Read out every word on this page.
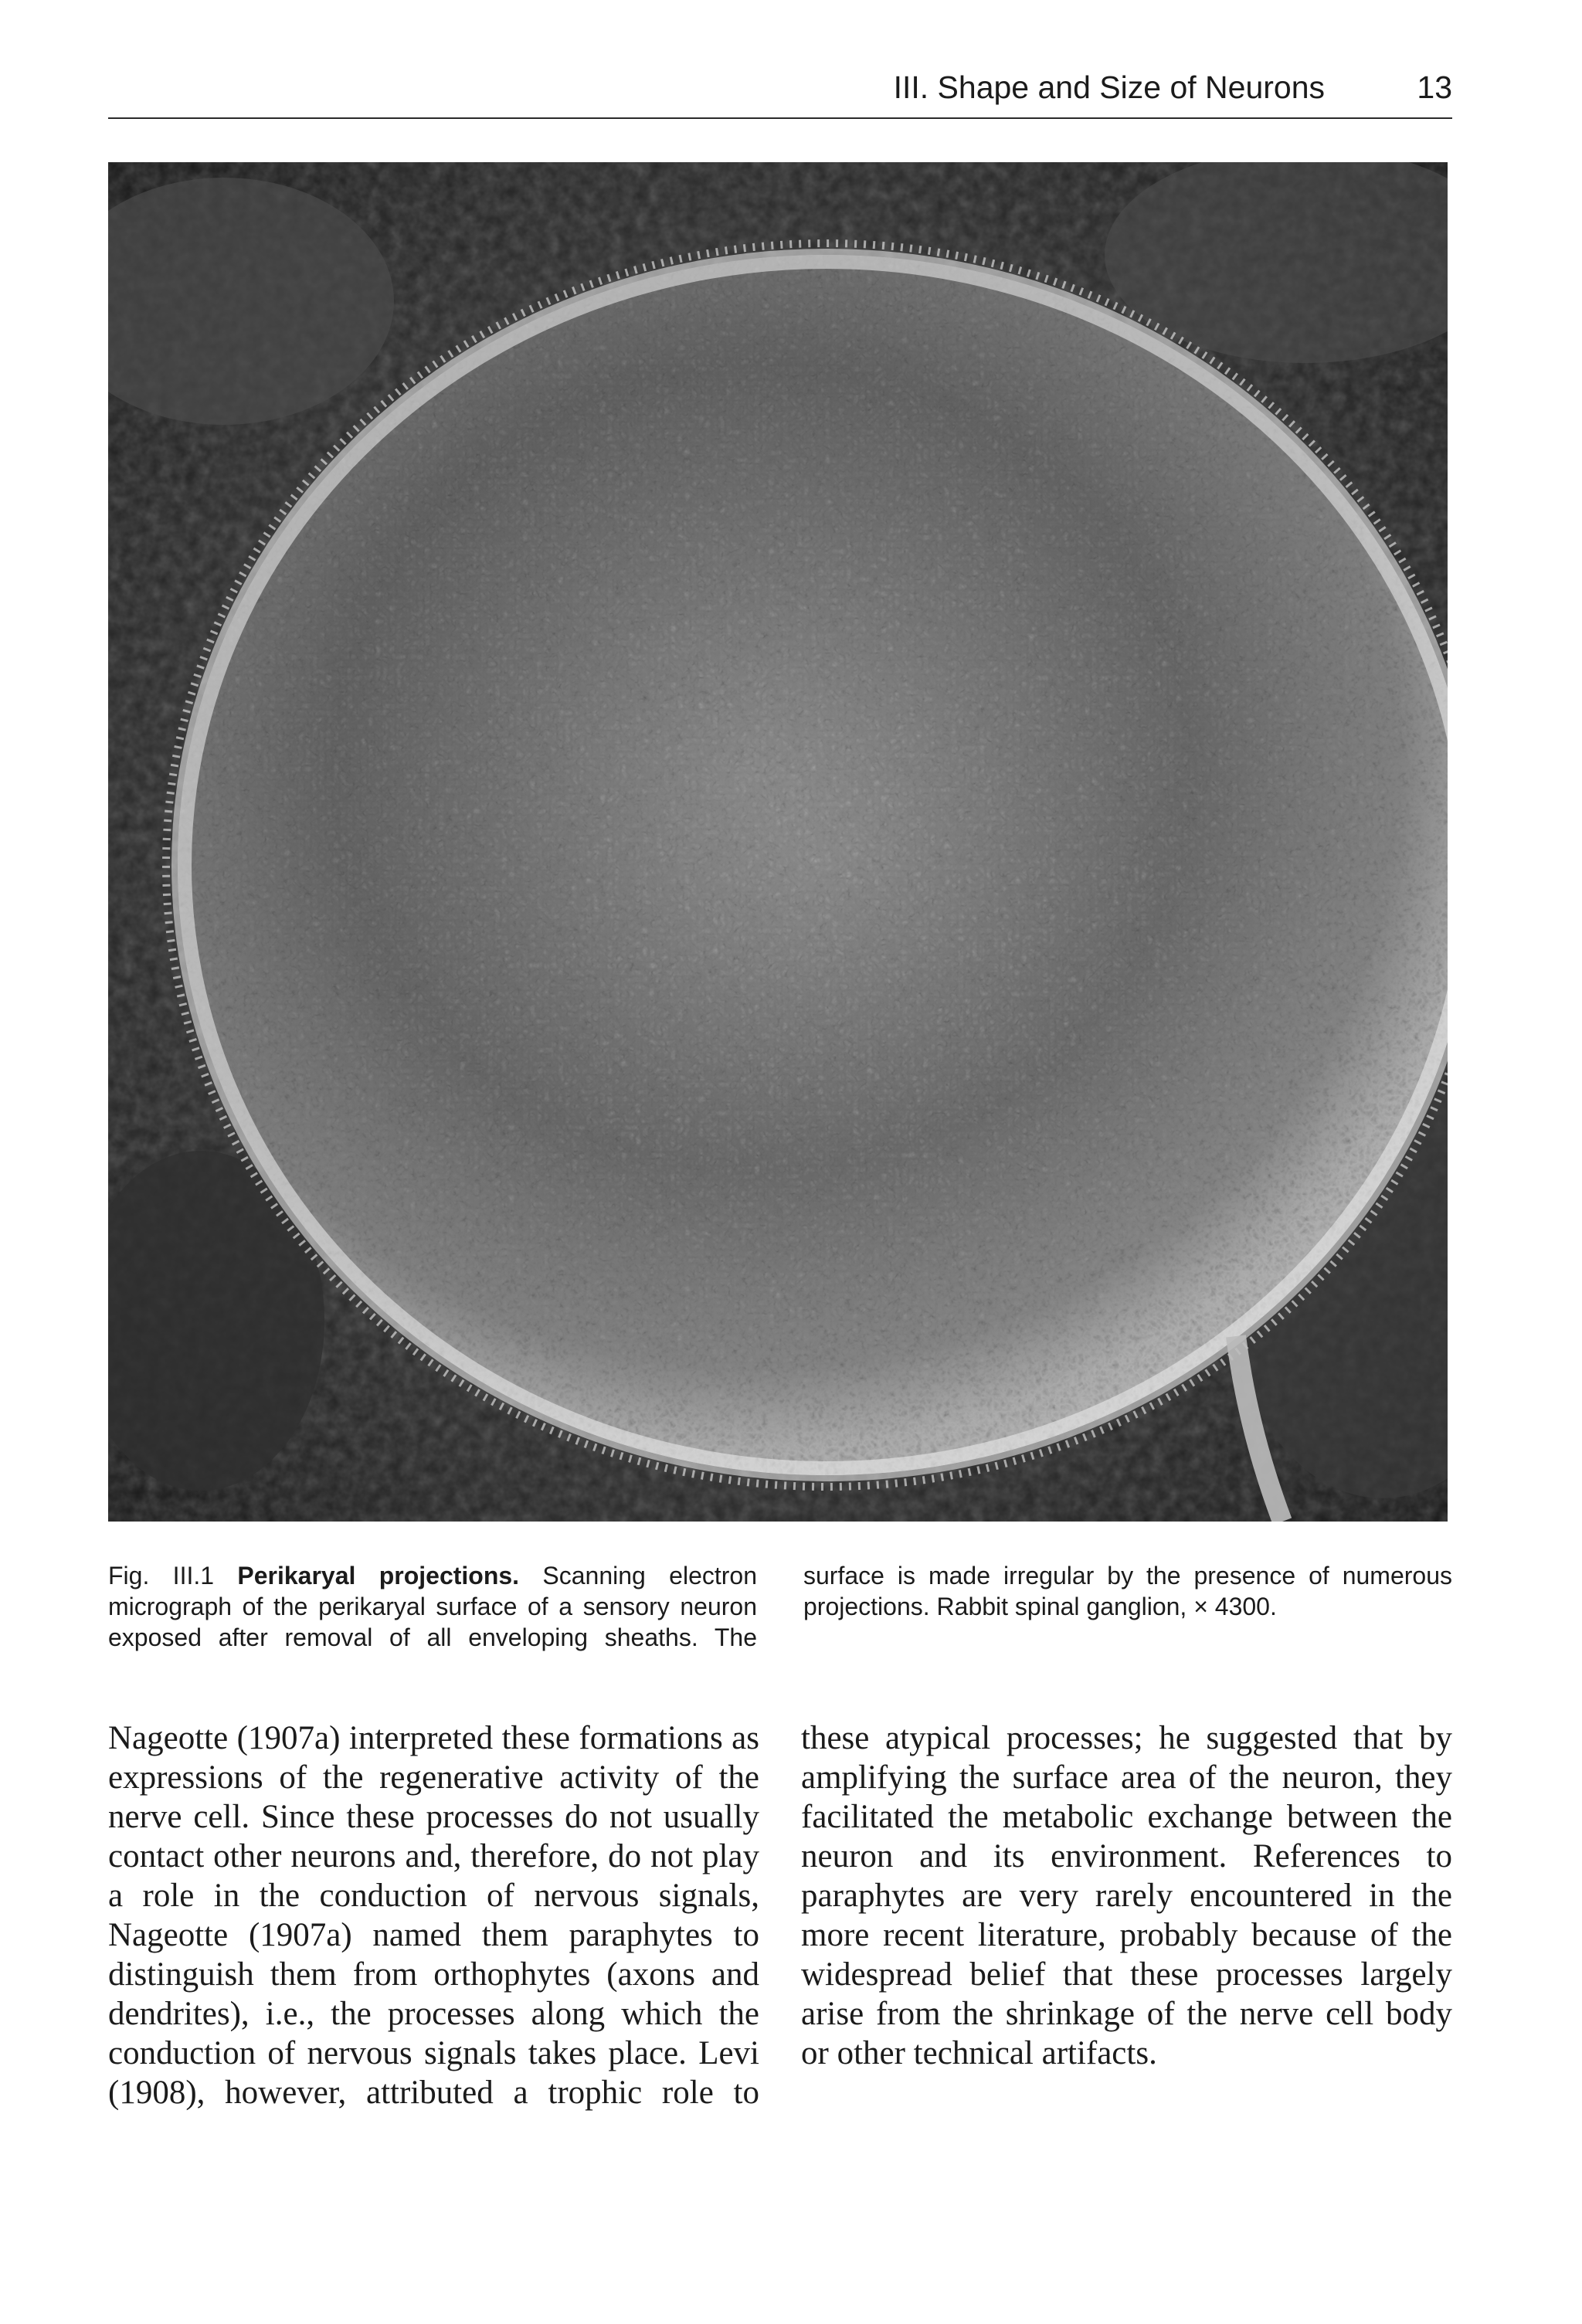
III. Shape and Size of Neurons	13
Fig. III.1 Perikaryal projections. Scanning electron micrograph of the perikaryal surface of a sensory neuron exposed after removal of all enveloping sheaths. The surface is made irregular by the presence of numerous projections. Rabbit spinal ganglion, × 4300.

Nageotte (1907a) interpreted these formations as expressions of the regenerative activity of the nerve cell. Since these processes do not usually contact other neurons and, therefore, do not play a role in the conduction of nervous signals, Nageotte (1907a) named them paraphytes to distinguish them from orthophytes (axons and dendrites), i.e., the processes along which the conduction of nervous signals takes place. Levi (1908), however, attributed a trophic role to these atypical processes; he suggested that by amplifying the surface area of the neuron, they facilitated the metabolic exchange between the neuron and its environment. References to paraphytes are very rarely encountered in the more recent literature, probably because of the widespread belief that these processes largely arise from the shrinkage of the nerve cell body or other technical artifacts.
